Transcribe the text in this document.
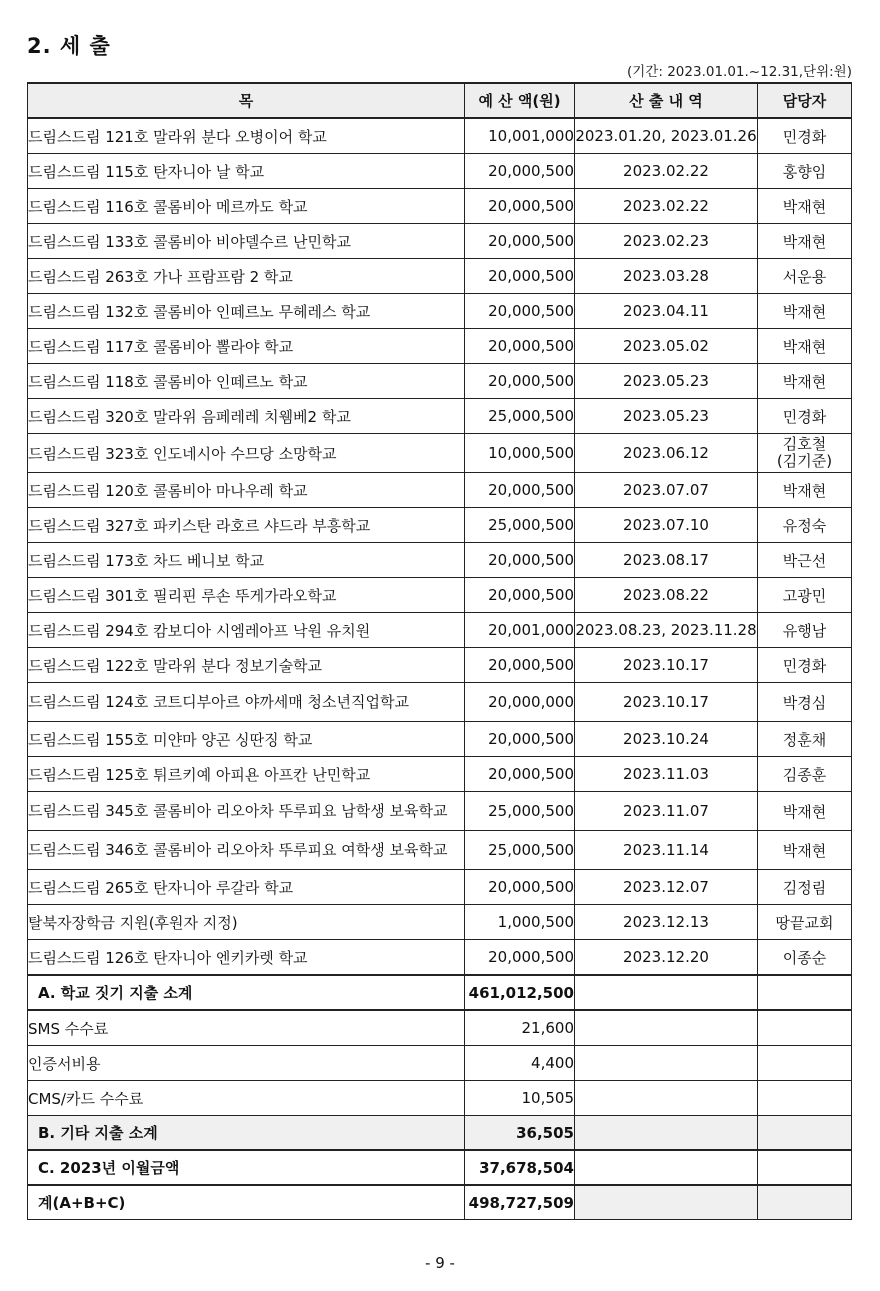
2. 세 출
(기간: 2023.01.01.~12.31,단위:원)
목	예 산 액(원)	산 출 내 역	담당자
드림스드림 121호 말라위 분다 오병이어 학교	10,001,000	2023.01.20, 2023.01.26	민경화
드림스드림 115호 탄자니아 날 학교	20,000,500	2023.02.22	홍향임
드림스드림 116호 콜롬비아 메르까도 학교	20,000,500	2023.02.22	박재현
드림스드림 133호 콜롬비아 비야델수르 난민학교	20,000,500	2023.02.23	박재현
드림스드림 263호 가나 프람프람 2 학교	20,000,500	2023.03.28	서운용
드림스드림 132호 콜롬비아 인떼르노 무헤레스 학교	20,000,500	2023.04.11	박재현
드림스드림 117호 콜롬비아 뽈라야 학교	20,000,500	2023.05.02	박재현
드림스드림 118호 콜롬비아 인떼르노 학교	20,000,500	2023.05.23	박재현
드림스드림 320호 말라위 음페레레 치웸베2 학교	25,000,500	2023.05.23	민경화
드림스드림 323호 인도네시아 수므당 소망학교	10,000,500	2023.06.12	김호철
(김기준)
드림스드림 120호 콜롬비아 마나우레 학교	20,000,500	2023.07.07	박재현
드림스드림 327호 파키스탄 라호르 샤드라 부흥학교	25,000,500	2023.07.10	유정숙
드림스드림 173호 차드 베니보 학교	20,000,500	2023.08.17	박근선
드림스드림 301호 필리핀 루손 뚜게가라오학교	20,000,500	2023.08.22	고광민
드림스드림 294호 캄보디아 시엠레아프 낙원 유치원	20,001,000	2023.08.23, 2023.11.28	유행남
드림스드림 122호 말라위 분다 정보기술학교	20,000,500	2023.10.17	민경화
드림스드림 124호 코트디부아르 야까세매 청소년직업학교	20,000,000	2023.10.17	박경심
드림스드림 155호 미얀마 양곤 싱딴징 학교	20,000,500	2023.10.24	정훈채
드림스드림 125호 튀르키예 아피욘 아프칸 난민학교	20,000,500	2023.11.03	김종훈
드림스드림 345호 콜롬비아 리오아차 뚜루피요 남학생 보육학교	25,000,500	2023.11.07	박재현
드림스드림 346호 콜롬비아 리오아차 뚜루피요 여학생 보육학교	25,000,500	2023.11.14	박재현
드림스드림 265호 탄자니아 루갈라 학교	20,000,500	2023.12.07	김정림
탈북자장학금 지원(후원자 지정)	1,000,500	2023.12.13	땅끝교회
드림스드림 126호 탄자니아 엔키카렛 학교	20,000,500	2023.12.20	이종순
A. 학교 짓기 지출 소계	461,012,500		
SMS 수수료	21,600		
인증서비용	4,400		
CMS/카드 수수료	10,505		
B. 기타 지출 소계	36,505		
C. 2023년 이월금액	37,678,504		
계(A+B+C)	498,727,509		
- 9 -
